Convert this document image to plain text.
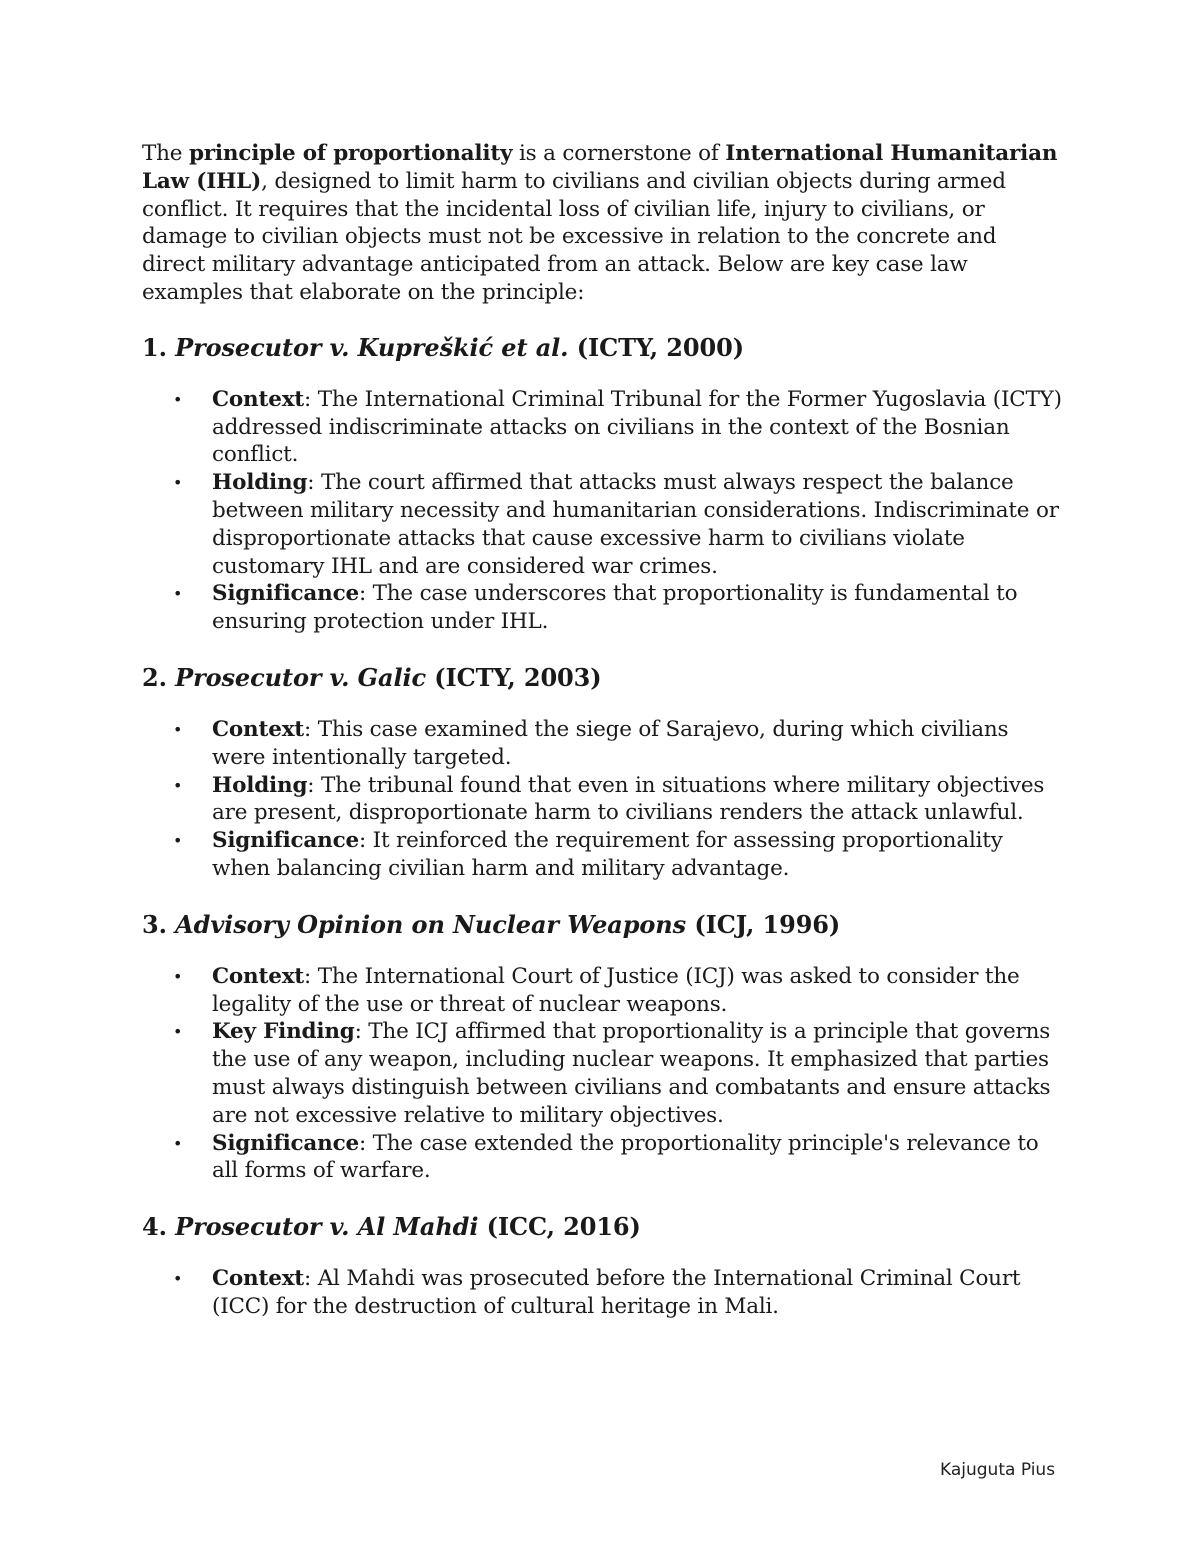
The principle of proportionality is a cornerstone of International Humanitarian Law (IHL), designed to limit harm to civilians and civilian objects during armed conflict. It requires that the incidental loss of civilian life, injury to civilians, or damage to civilian objects must not be excessive in relation to the concrete and direct military advantage anticipated from an attack. Below are key case law examples that elaborate on the principle:

1. Prosecutor v. Kupreškić et al. (ICTY, 2000)
• Context: The International Criminal Tribunal for the Former Yugoslavia (ICTY) addressed indiscriminate attacks on civilians in the context of the Bosnian conflict.
• Holding: The court affirmed that attacks must always respect the balance between military necessity and humanitarian considerations. Indiscriminate or disproportionate attacks that cause excessive harm to civilians violate customary IHL and are considered war crimes.
• Significance: The case underscores that proportionality is fundamental to ensuring protection under IHL.
2. Prosecutor v. Galic (ICTY, 2003)
• Context: This case examined the siege of Sarajevo, during which civilians were intentionally targeted.
• Holding: The tribunal found that even in situations where military objectives are present, disproportionate harm to civilians renders the attack unlawful.
• Significance: It reinforced the requirement for assessing proportionality when balancing civilian harm and military advantage.
3. Advisory Opinion on Nuclear Weapons (ICJ, 1996)
• Context: The International Court of Justice (ICJ) was asked to consider the legality of the use or threat of nuclear weapons.
• Key Finding: The ICJ affirmed that proportionality is a principle that governs the use of any weapon, including nuclear weapons. It emphasized that parties must always distinguish between civilians and combatants and ensure attacks are not excessive relative to military objectives.
• Significance: The case extended the proportionality principle's relevance to all forms of warfare.
4. Prosecutor v. Al Mahdi (ICC, 2016)
• Context: Al Mahdi was prosecuted before the International Criminal Court (ICC) for the destruction of cultural heritage in Mali.
Kajuguta Pius
